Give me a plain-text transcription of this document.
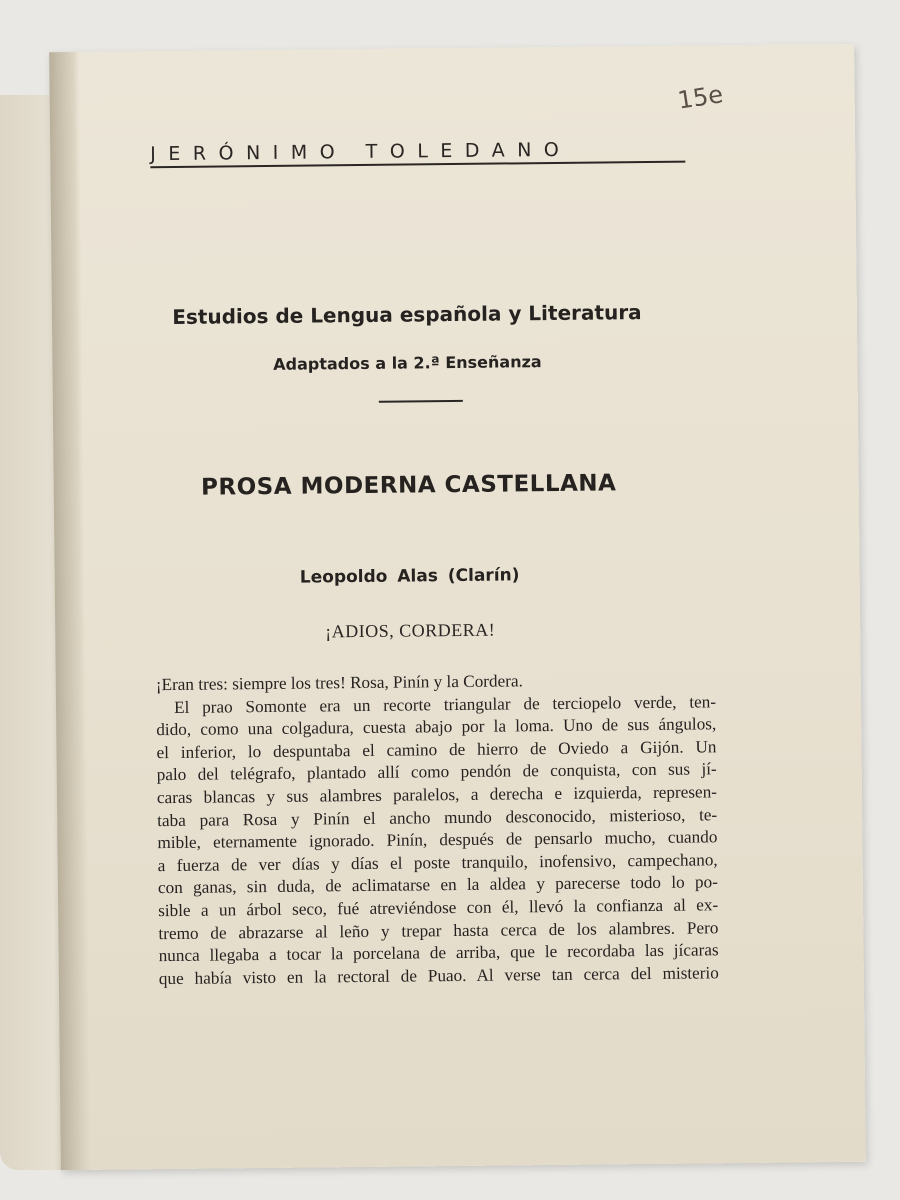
15e
JERÓNIMO TOLEDANO
Estudios de Lengua española y Literatura
Adaptados a la 2.ª Enseñanza
PROSA MODERNA CASTELLANA
Leopoldo Alas (Clarín)
¡ADIOS, CORDERA!
¡Eran tres: siempre los tres! Rosa, Pinín y la Cordera.
El prao Somonte era un recorte triangular de terciopelo verde, ten-
dido, como una colgadura, cuesta abajo por la loma. Uno de sus ángulos,
el inferior, lo despuntaba el camino de hierro de Oviedo a Gijón. Un
palo del telégrafo, plantado allí como pendón de conquista, con sus jí-
caras blancas y sus alambres paralelos, a derecha e izquierda, represen-
taba para Rosa y Pinín el ancho mundo desconocido, misterioso, te-
mible, eternamente ignorado. Pinín, después de pensarlo mucho, cuando
a fuerza de ver días y días el poste tranquilo, inofensivo, campechano,
con ganas, sin duda, de aclimatarse en la aldea y parecerse todo lo po-
sible a un árbol seco, fué atreviéndose con él, llevó la confianza al ex-
tremo de abrazarse al leño y trepar hasta cerca de los alambres. Pero
nunca llegaba a tocar la porcelana de arriba, que le recordaba las jícaras
que había visto en la rectoral de Puao. Al verse tan cerca del misterio
